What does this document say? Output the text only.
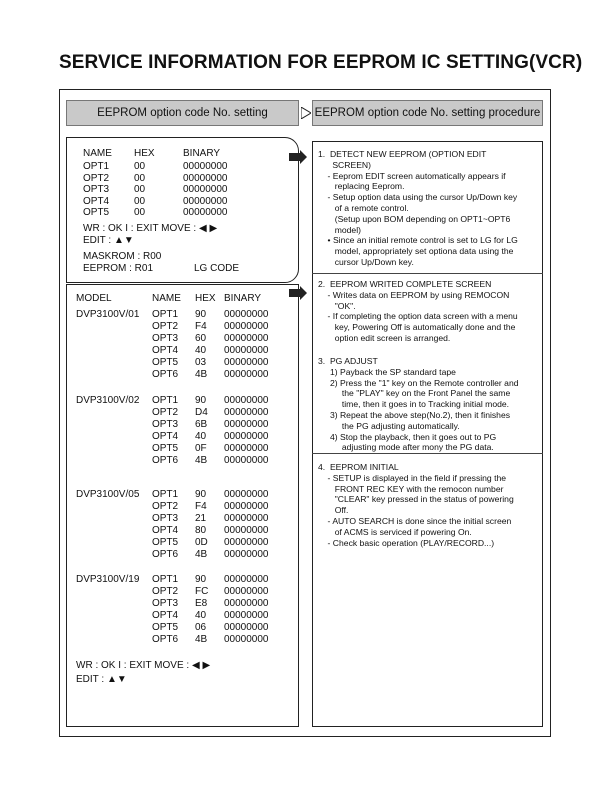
SERVICE INFORMATION FOR EEPROM IC SETTING(VCR)
EEPROM option code No. setting	EEPROM option code No. setting procedure
NAME HEX	BINARY
OPT1 00	00000000
OPT2 00	00000000
OPT3 00	00000000
OPT4 00	00000000
OPT5 00	00000000
WR : OK I : EXIT MOVE : ◀ ▶
EDIT : ▲▼
MASKROM : R00
EEPROM : R01	LG CODE
MODEL	NAME HEX BINARY
DVP3100V/01 OPT1 90 00000000
OPT2 F4 00000000
OPT3 60 00000000
OPT4 40 00000000
OPT5 03 00000000
OPT6 4B 00000000
DVP3100V/02 OPT1 90 00000000
OPT2 D4 00000000
OPT3 6B 00000000
OPT4 40 00000000
OPT5 0F 00000000
OPT6 4B 00000000
DVP3100V/05 OPT1 90 00000000
OPT2 F4 00000000
OPT3 21 00000000
OPT4 80 00000000
OPT5 0D 00000000
OPT6 4B 00000000
DVP3100V/19 OPT1 90 00000000
OPT2 FC 00000000
OPT3 E8 00000000
OPT4 40 00000000
OPT5 06 00000000
OPT6 4B 00000000
WR : OK I : EXIT MOVE : ◀ ▶
EDIT : ▲▼
1.  DETECT NEW EEPROM (OPTION EDIT
SCREEN)
- Eeprom EDIT screen automatically appears if
replacing Eeprom.
- Setup option data using the cursor Up/Down key
of a remote control.
(Setup upon BOM depending on OPT1~OPT6
model)
• Since an initial remote control is set to LG for LG
model, appropriately set optiona data using the
cursor Up/Down key.
2.  EEPROM WRITED COMPLETE SCREEN
- Writes data on EEPROM by using REMOCON
"OK".
- If completing the option data screen with a menu
key, Powering Off is automatically done and the
option edit screen is arranged.
3.  PG ADJUST
1) Payback the SP standard tape
2) Press the "1" key on the Remote controller and
the "PLAY" key on the Front Panel the same
time, then it goes in to Tracking initial mode.
3) Repeat the above step(No.2), then it finishes
the PG adjusting automatically.
4) Stop the playback, then it goes out to PG
adjusting mode after mony the PG data.
4.  EEPROM INITIAL
- SETUP is displayed in the field if pressing the
FRONT REC KEY with the remocon number
"CLEAR" key pressed in the status of powering
Off.
- AUTO SEARCH is done since the initial screen
of ACMS is serviced if powering On.
- Check basic operation (PLAY/RECORD...)
